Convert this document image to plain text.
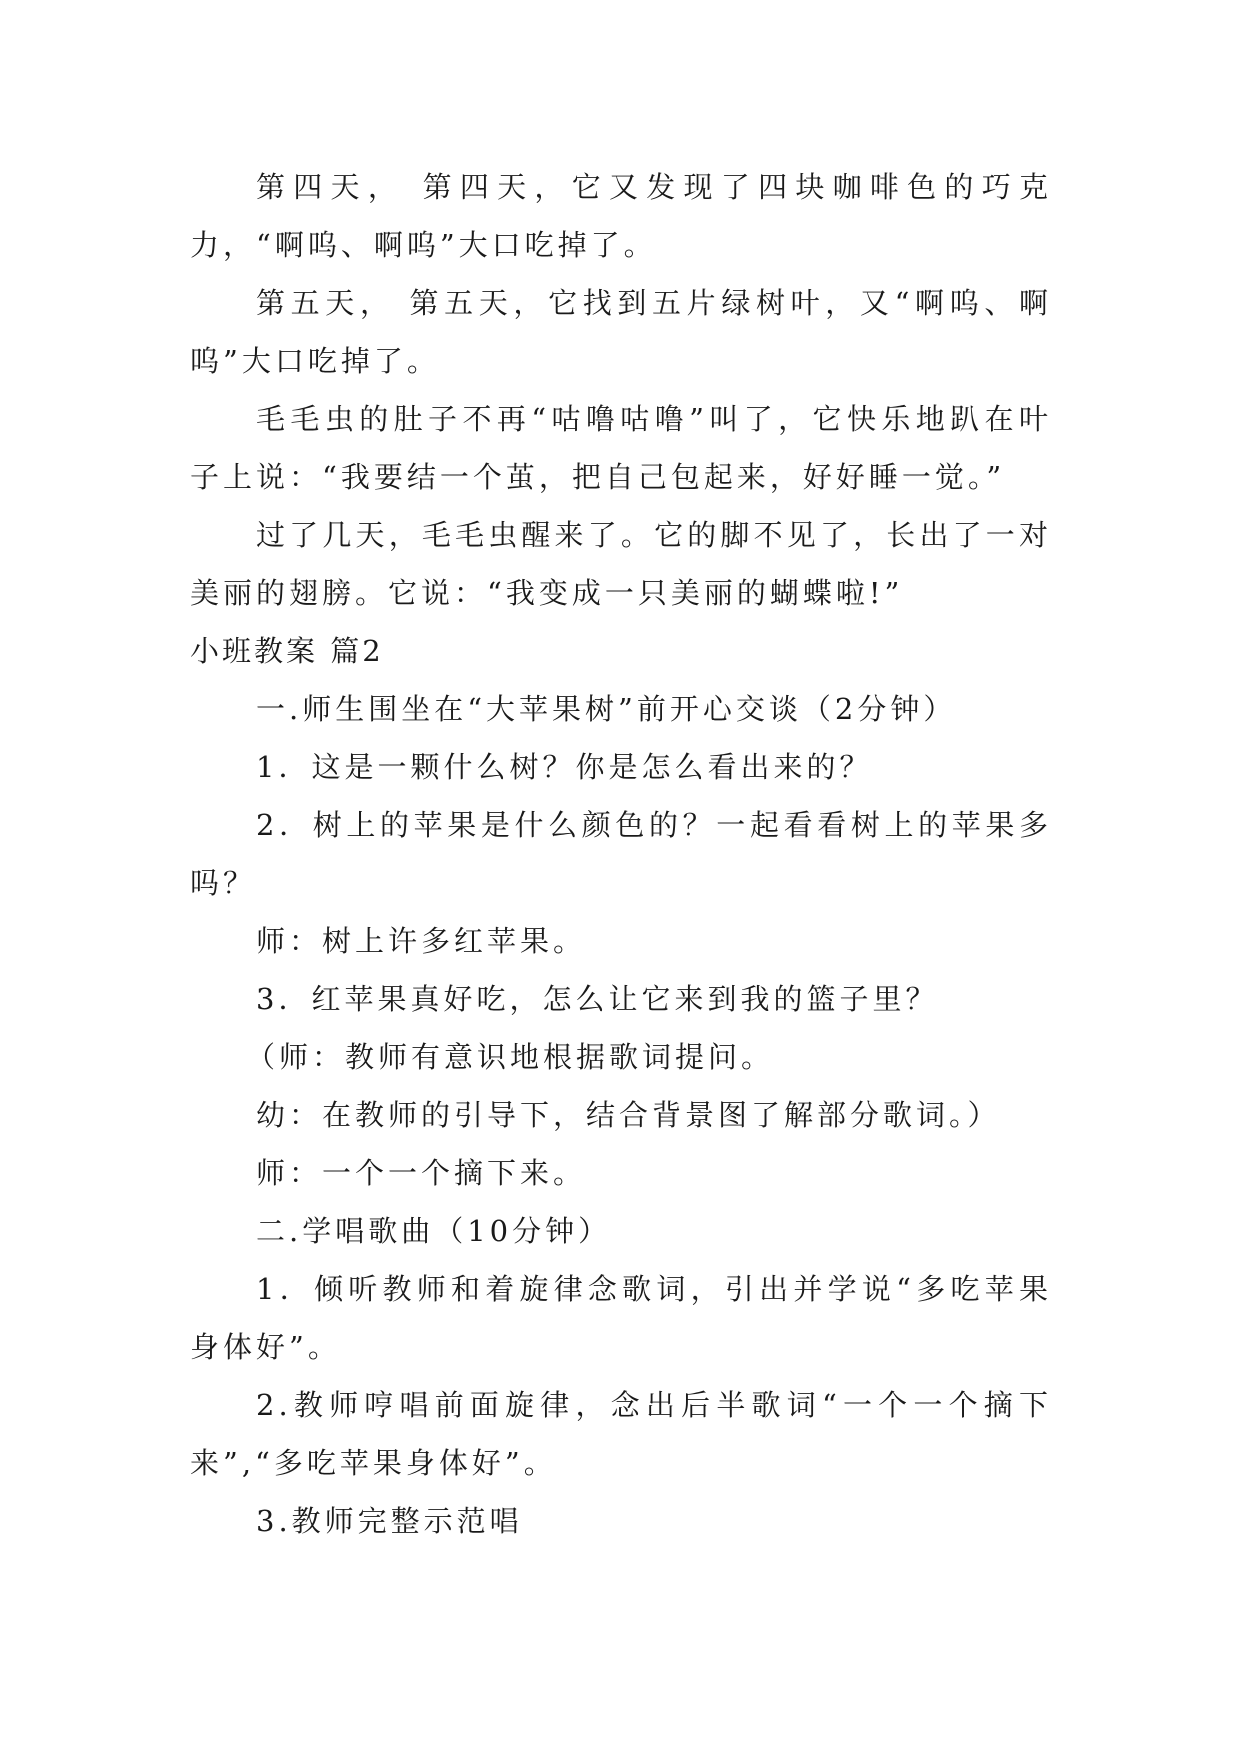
第四天， 第四天，它又发现了四块咖啡色的巧克力，“啊呜、啊呜”大口吃掉了。

第五天， 第五天，它找到五片绿树叶，又“啊呜、啊呜”大口吃掉了。

毛毛虫的肚子不再“咕噜咕噜”叫了，它快乐地趴在叶子上说：“我要结一个茧，把自己包起来，好好睡一觉。”

过了几天，毛毛虫醒来了。它的脚不见了，长出了一对美丽的翅膀。它说：“我变成一只美丽的蝴蝶啦!”

小班教案 篇2

一.师生围坐在“大苹果树”前开心交谈（2分钟）

1．这是一颗什么树？你是怎么看出来的？

2．树上的苹果是什么颜色的？一起看看树上的苹果多吗？

师：树上许多红苹果。

3．红苹果真好吃，怎么让它来到我的篮子里？

（师：教师有意识地根据歌词提问。

幼：在教师的引导下，结合背景图了解部分歌词。）

师：一个一个摘下来。

二.学唱歌曲（10分钟）

1．倾听教师和着旋律念歌词，引出并学说“多吃苹果身体好”。

2.教师哼唱前面旋律，念出后半歌词“一个一个摘下来”,“多吃苹果身体好”。

3.教师完整示范唱
